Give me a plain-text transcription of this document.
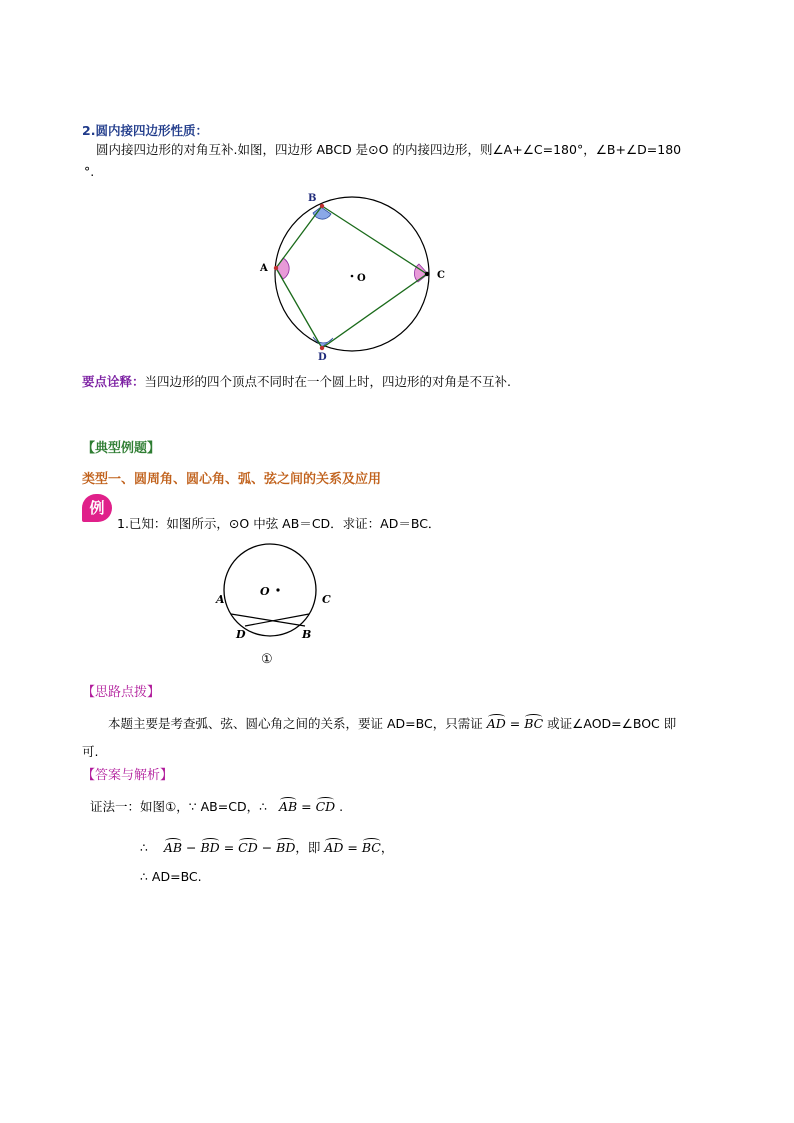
2.圆内接四边形性质：
圆内接四边形的对角互补.如图，四边形 ABCD 是⊙O 的内接四边形，则∠A+∠C=180°，∠B+∠D=180
°.
B
A
C
D
O
要点诠释：当四边形的四个顶点不同时在一个圆上时，四边形的对角是不互补.
【典型例题】
类型一、圆周角、圆心角、弧、弦之间的关系及应用
例
1.已知：如图所示，⊙O 中弦 AB＝CD．求证：AD＝BC．
O
A	C
D	B
①
【思路点拨】
本题主要是考查弧、弦、圆心角之间的关系，要证 AD=BC，只需证 AD = BC 或证∠AOD=∠BOC 即
可.
【答案与解析】
证法一：如图①，∵ AB=CD，∴ AB = CD .
∴ AB − BD = CD − BD，即 AD = BC，
∴ AD=BC.
